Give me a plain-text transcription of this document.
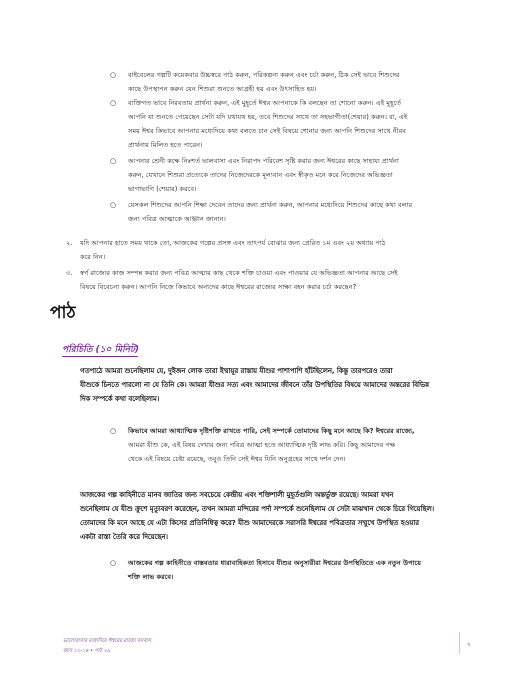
○ বাইবেলের গল্পটি কয়েকবার উচ্চস্বরে পাঠ করুন, পরিকল্পনা করুন এবং চর্চা করুন, ঠিক সেই ভাবে শিশুদের
কাছে উপস্থাপন করুন যেন শিশুরা শুনতে আগ্রহী হয় এবং উৎসাহিত হয়।
○ ব্যক্তিগত ভাবে নিরবতায় প্রার্থনা করুন, এই মুহূর্তে ঈশ্বর আপনাকে কি বলছেন তা শোনো করুন। এই মুহূর্তে
আপনি যা শুনতে পেয়েছেন সেটা যদি যথাযথ হয়, তবে শিশুদের সাথে তা সহভাগীতা(শেয়ার) করুন। বা, এই
সময় ঈশ্বর কিভাবে আপনার মধ্যেদিয়ে কথা বলতে চান সেই বিষয়ে শোনার জন্য আপনি শিশুদের সাথে নীরব
প্রার্থনায় মিলিত হতে পারেন।
○ আপনার শ্রেনী কক্ষে নিঃশর্ত ভালবাসা এবং নিরাপদ পরিবেশ সৃষ্টি করার জন্য ঈশ্বরের কাছে সাহায্য প্রার্থনা
করুন, যেখানে শিশুরা প্রত্যেকে তাদের নিজেদেরকে মূল্যবান এবং স্বীকৃত মনে করে নিজেদের অভিজ্ঞতা
ভাগাভাগি (শেয়ার) করবে।
○ যেসকল শিশুদের আপনি শিক্ষা দেবেন তাদের জন্য প্রার্থনা করুন, আপনার মধ্যেদিয়ে শিশুদের কাছে কথা বলার
জন্য পবিত্র আত্মাকে আহ্বান জানান।
২. যদি আপনার হাতে সময় থাকে তো, আজকের গল্পের প্রসঙ্গ এবং তাৎপর্য বোঝার জন্য প্রেরিত ১ম এবং ২য় অধ্যায় পাঠ
করে নিন।
৩. স্বর্গ রাজ্যের কাজ সম্পন্ন করার জন্য পবিত্র আত্মার কাছ থেকে শক্তি চাওয়া এবং পাওয়ার যে অভিজ্ঞতা আপনার আছে সেই
বিষয়ে বিবেচনা করুন। আপনি নিজে কিভাবে অন্যদের কাছে ঈশ্বরের রাজ্যের সাক্ষ্য বহন করার চর্চা করছেন?
পাঠ
পরিচিতি (১০ মিনিট)
গতপাঠে আমরা শুনেছিলাম যে, দুইজন লোক তারা ইম্মায়ূর রাস্তায় যীশুর পাশাপাশি হাঁটছিলেন, কিন্তু তারপরেও তারা
যীশুকে চিনতে পারলো না যে তিনি কে। আমরা যীশুর সত্য এবং আমাদের জীবনে তাঁর উপস্থিতির বিষয়ে আমাদের অন্তরের বিভিন্ন
দিক সম্পর্কে কথা বলেছিলাম।
○ কিভাবে আমরা আধ্যাত্মিক দৃষ্টিশক্তি রাখতে পারি, সেই সম্পর্কে তোমাদের কিছু মনে আছে কি? ঈশ্বরের রাজ্যে,
আমরা যীশু কে, এই বিষয় দেখার জন্য পবিত্র আত্মা হতে আধ্যাত্মিক দৃষ্টি লাভ করি। কিছু আমাদের পক্ষ
থেকে এই বিষয়ে চেষ্টা রয়েছে, তবুও তিনি সেই ঈশ্বর যিনি অনুগ্রহের সাথে দর্শন দেন।
আজকের গল্প কাহিনীতে মানব জাতির জন্য সবচেয়ে কেন্দ্রীয় এবং শক্তিশালী মুহূর্তগুলি অন্তর্ভুক্ত রয়েছে। আমরা যখন
শুনেছিলাম যে যীশু ক্রুশে মৃত্যুবরণ করেছেন, তখন আমরা মন্দিরের পর্দা সম্পর্কে শুনেছিলাম যে সেটা মাঝখান থেকে চিরে গিয়েছিল।
তোমাদের কি মনে আছে যে এটা কিসের প্রতিনিধিত্ব করে? যীশু আমাদেরকে সরাসরি ঈশ্বরের পবিত্রতার সম্মুখে উপস্থিত হওয়ার
একটা রাস্তা তৈরি করে দিয়েছেন।
○ আজকের গল্প কাহিনীতে বাস্তবতার ধারাবাহিকতা হিসাবে যীশুর অনুসারীরা ঈশ্বরের উপস্থিতিতে এক নতুন উপায়ে
শক্তি লাভ করবে।
ভালোবাসার মধ্যেদিয়ে ঈশ্বরের রাজ্যে বসবাস
বয়স ১২-১৪ • পাঠ ২৯
২
